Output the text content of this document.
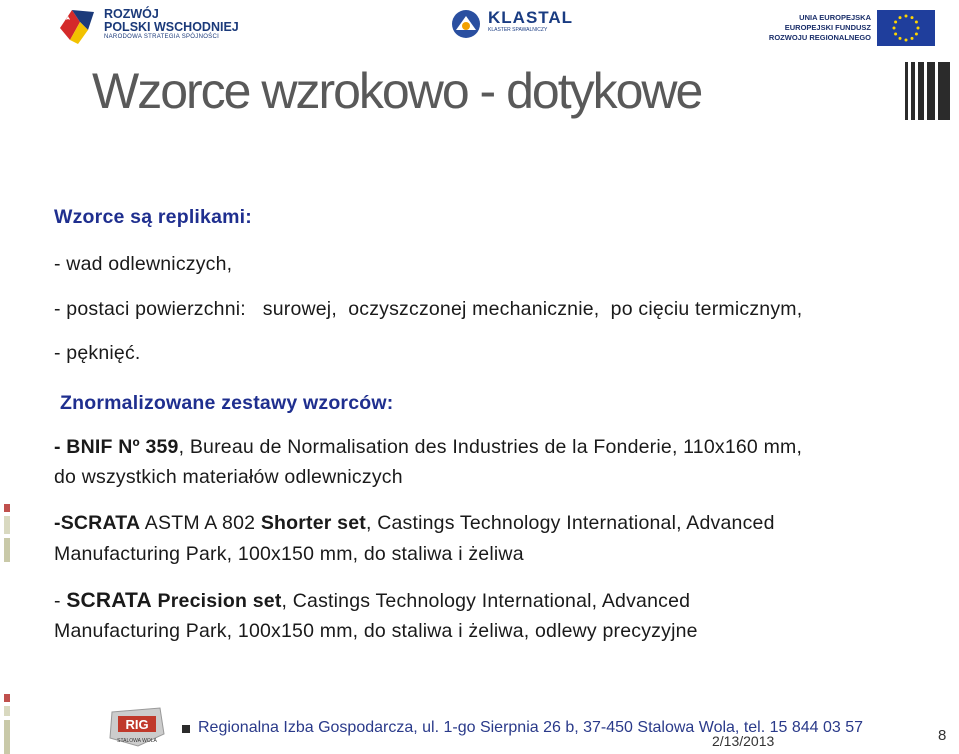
ROZWÓJ
POLSKI WSCHODNIEJ
NARODOWA STRATEGIA SPÓJNOŚCI
KLASTAL
KLASTER SPAWALNICZY
UNIA EUROPEJSKA
EUROPEJSKI FUNDUSZ
ROZWOJU REGIONALNEGO
Wzorce wzrokowo - dotykowe
Wzorce są replikami:
- wad odlewniczych,
- postaci powierzchni:   surowej,  oczyszczonej mechanicznie,  po cięciu termicznym,
- pęknięć.
Znormalizowane zestawy wzorców:
- BNIF Nº 359, Bureau de Normalisation des Industries de la Fonderie, 110x160 mm,
do wszystkich materiałów odlewniczych
-SCRATA ASTM A 802 Shorter set, Castings Technology International, Advanced
Manufacturing Park, 100x150 mm, do staliwa i żeliwa
- SCRATA Precision set, Castings Technology International, Advanced
Manufacturing Park, 100x150 mm, do staliwa i żeliwa, odlewy precyzyjne
RIG
STALOWA WOLA
Regionalna Izba Gospodarcza, ul. 1-go Sierpnia 26 b, 37-450 Stalowa Wola, tel. 15 844 03 57
2/13/2013	8
